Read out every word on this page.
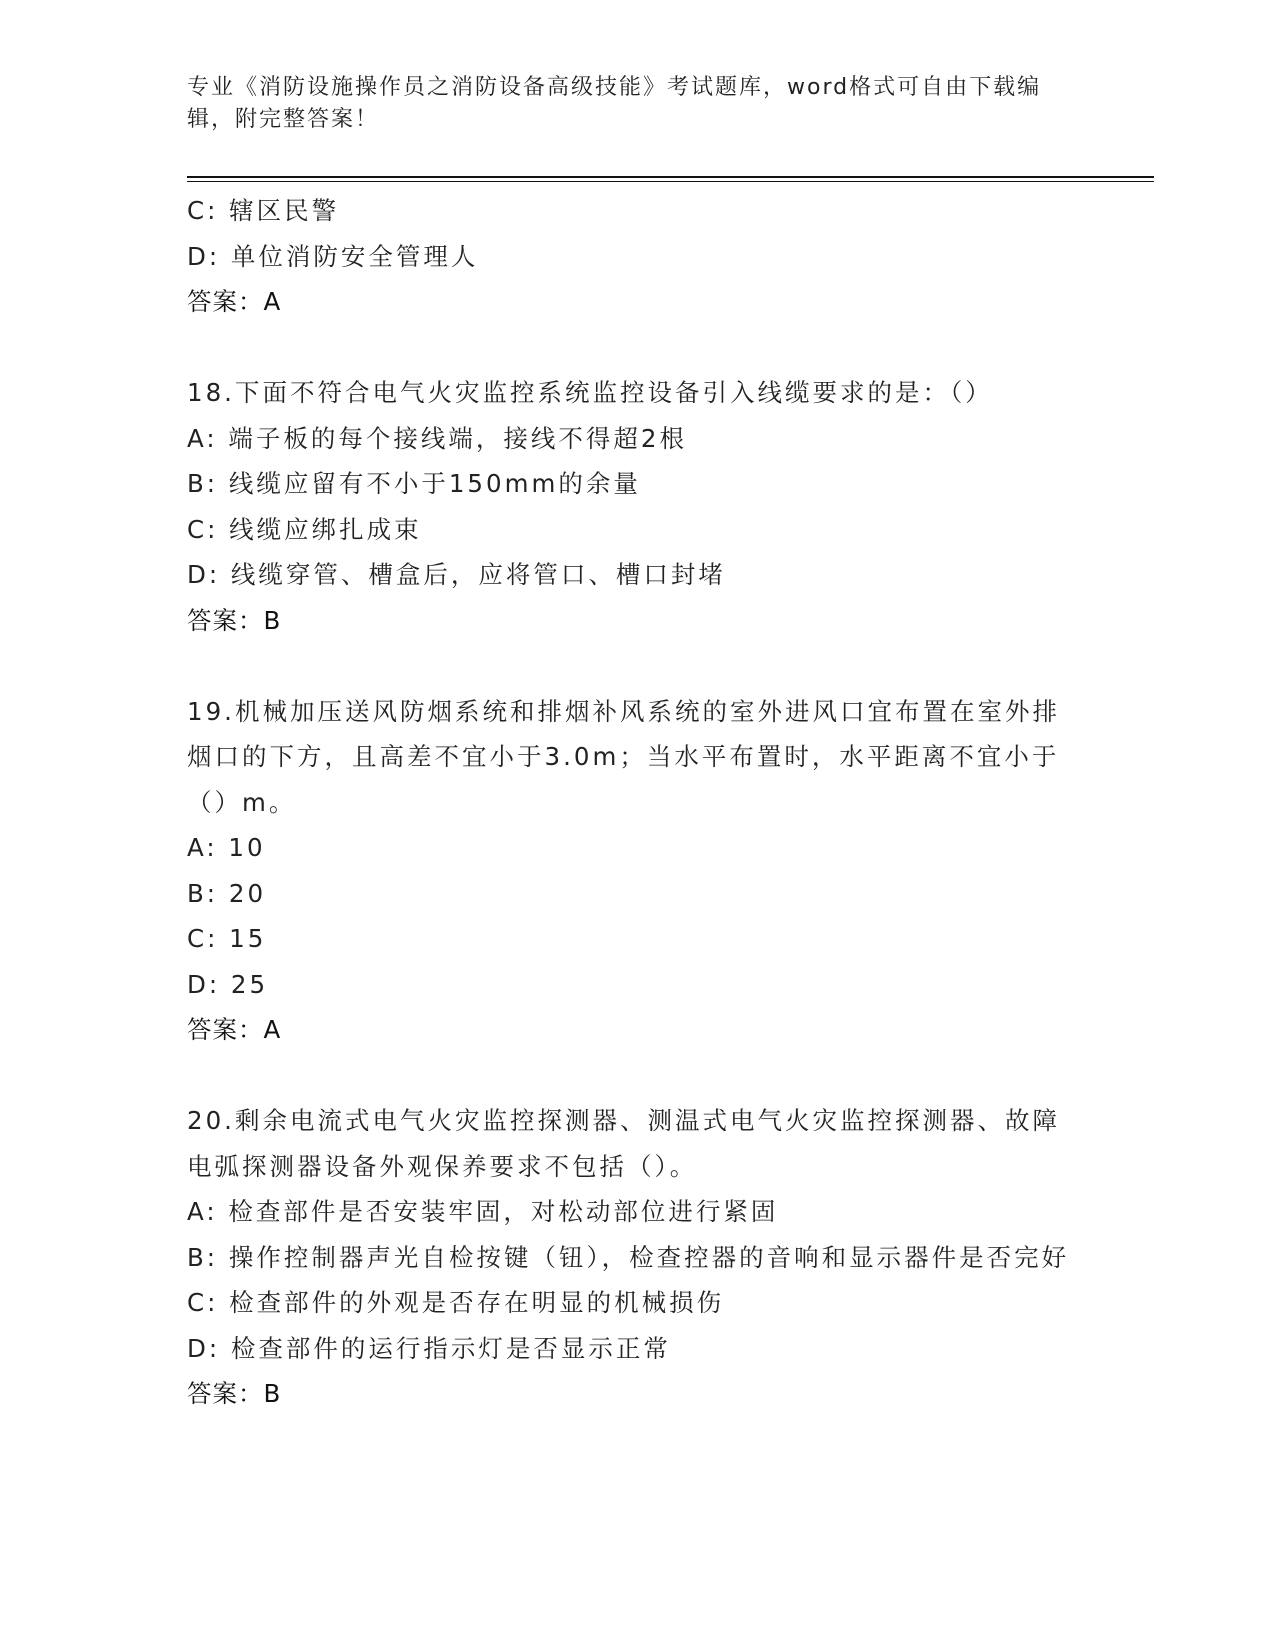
专业《消防设施操作员之消防设备高级技能》考试题库，word格式可自由下载编辑，附完整答案！
C: 辖区民警
D: 单位消防安全管理人
答案：A
18.下面不符合电气火灾监控系统监控设备引入线缆要求的是：（）
A: 端子板的每个接线端，接线不得超2根
B: 线缆应留有不小于150mm的余量
C: 线缆应绑扎成束
D: 线缆穿管、槽盒后，应将管口、槽口封堵
答案：B
19.机械加压送风防烟系统和排烟补风系统的室外进风口宜布置在室外排烟口的下方，且高差不宜小于3.0m；当水平布置时，水平距离不宜小于（）m。
A: 10
B: 20
C: 15
D: 25
答案：A
20.剩余电流式电气火灾监控探测器、测温式电气火灾监控探测器、故障电弧探测器设备外观保养要求不包括（）。
A: 检查部件是否安装牢固，对松动部位进行紧固
B: 操作控制器声光自检按键（钮），检查控器的音响和显示器件是否完好
C: 检查部件的外观是否存在明显的机械损伤
D: 检查部件的运行指示灯是否显示正常
答案：B
